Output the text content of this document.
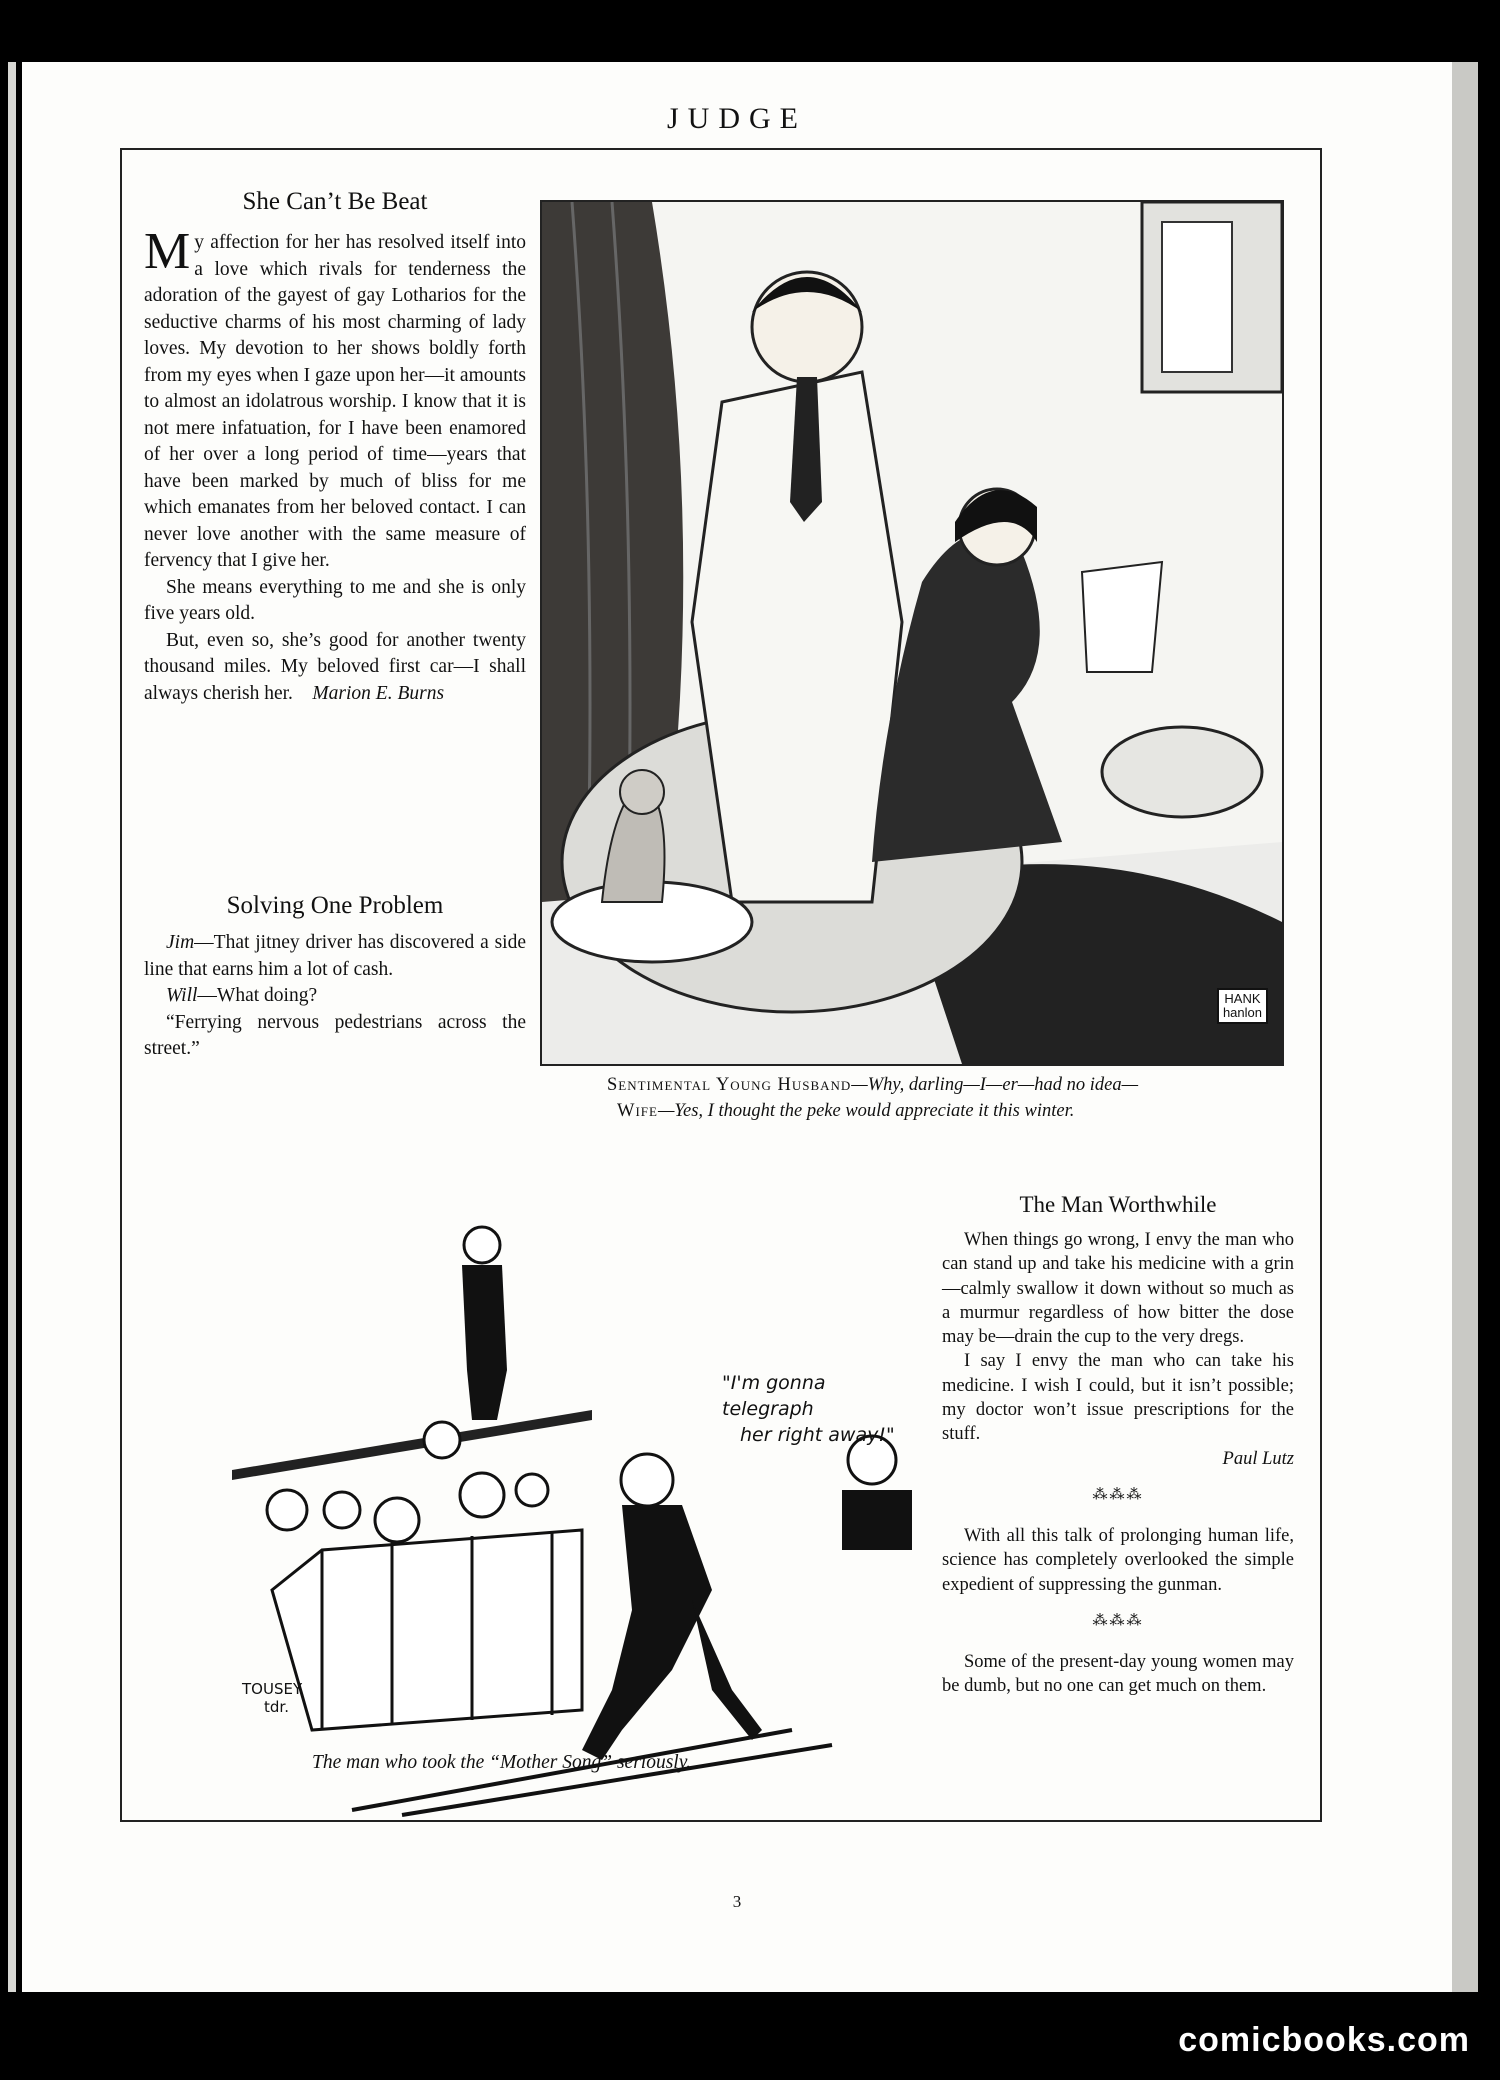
JUDGE
She Can’t Be Beat

My affection for her has resolved itself into a love which rivals for tenderness the adoration of the gayest of gay Lotharios for the seductive charms of his most charming of lady loves. My devotion to her shows boldly forth from my eyes when I gaze upon her—it amounts to almost an idolatrous worship. I know that it is not mere infatuation, for I have been enamored of her over a long period of time—years that have been marked by much of bliss for me which emanates from her beloved contact. I can never love another with the same measure of fervency that I give her.

She means everything to me and she is only five years old.

But, even so, she’s good for another twenty thousand miles. My beloved first car—I shall always cherish her. Marion E. Burns

Solving One Problem

Jim—That jitney driver has discovered a side line that earns him a lot of cash.

Will—What doing?

“Ferrying nervous pedestrians across the street.”

HANK
hanlon
Sentimental Young Husband—Why, darling—I—er—had no idea—
Wife—Yes, I thought the peke would appreciate it this winter.
"I'm gonna telegraph
her right away!"
TOUSEY
tdr.
The man who took the “Mother Song” seriously.
The Man Worthwhile

When things go wrong, I envy the man who can stand up and take his medicine with a grin—calmly swallow it down without so much as a murmur regardless of how bitter the dose may be—drain the cup to the very dregs.

I say I envy the man who can take his medicine. I wish I could, but it isn’t possible; my doctor won’t issue prescriptions for the stuff.

Paul Lutz

⁂⁂⁂

With all this talk of prolonging human life, science has completely overlooked the simple expedient of suppressing the gunman.

⁂⁂⁂

Some of the present-day young women may be dumb, but no one can get much on them.

3
comicbooks.com
